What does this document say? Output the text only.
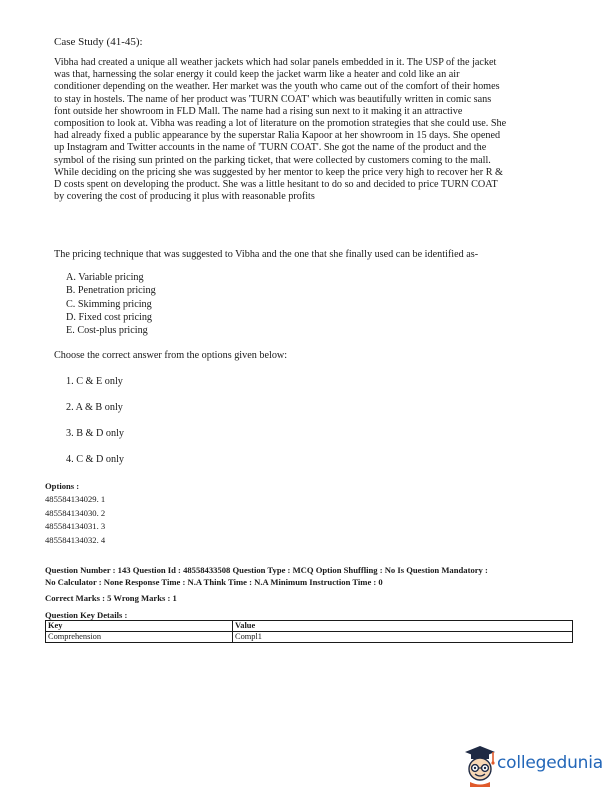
Case Study (41-45):
Vibha had created a unique all weather jackets which had solar panels embedded in it. The USP of the jacket
was that, harnessing the solar energy it could keep the jacket warm like a heater and cold like an air
conditioner depending on the weather. Her market was the youth who came out of the comfort of their homes
to stay in hostels. The name of her product was 'TURN COAT' which was beautifully written in comic sans
font outside her showroom in FLD Mall. The name had a rising sun next to it making it an attractive
composition to look at. Vibha was reading a lot of literature on the promotion strategies that she could use. She
had already fixed a public appearance by the superstar Ralia Kapoor at her showroom in 15 days. She opened
up Instagram and Twitter accounts in the name of 'TURN COAT'. She got the name of the product and the
symbol of the rising sun printed on the parking ticket, that were collected by customers coming to the mall.
While deciding on the pricing she was suggested by her mentor to keep the price very high to recover her R &
D costs spent on developing the product. She was a little hesitant to do so and decided to price TURN COAT
by covering the cost of producing it plus with reasonable profits
The pricing technique that was suggested to Vibha and the one that she finally used can be identified as-
A. Variable pricing
B. Penetration pricing
C. Skimming pricing
D. Fixed cost pricing
E. Cost-plus pricing
Choose the correct answer from the options given below:
1. C & E only
2. A & B only
3. B & D only
4. C & D only
Options :
485584134029. 1
485584134030. 2
485584134031. 3
485584134032. 4
Question Number : 143 Question Id : 48558433508 Question Type : MCQ Option Shuffling : No Is Question Mandatory :
No Calculator : None Response Time : N.A Think Time : N.A Minimum Instruction Time : 0
Correct Marks : 5 Wrong Marks : 1
Question Key Details :
Key	Value
Comprehension	Compl1
collegedunia
